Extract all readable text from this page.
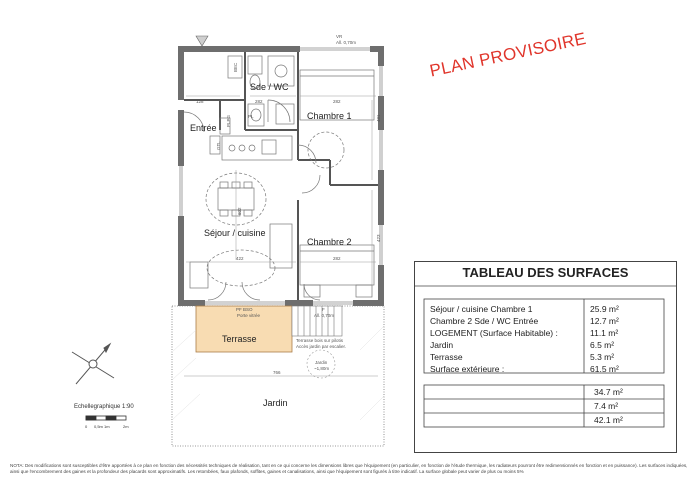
VR
All. 0,70m
BEC
PLPG
GTL
PL
128	282	282
481
602
423
422	282
766
PF BSO
Porte vitrée
F
All. 0,70m
Terrasse bois sur pilotis
Accès jardin par escalier.
Jardin
~1,80m
Sde / WC
Entrée
Chambre 1
Séjour / cuisine
Chambre 2
Terrasse
Jardin
Echellegraphique 1:90
0 0,5m 1m	2m
PLAN PROVISOIRE
TABLEAU DES SURFACES
Séjour / cuisine Chambre 1	25.9 m²
Chambre 2 Sde / WC Entrée	12.7 m²
LOGEMENT (Surface Habitable) :	11.1 m²
Jardin	6.5 m²
Terrasse	5.3 m²
Surface extérieure :	61.5 m²
34.7 m²
7.4 m²
42.1 m²
NOTA: Des modifications sont susceptibles d'être apportées à ce plan en fonction des nécessités techniques de réalisation, tant en ce qui concerne les dimensions libres que l'équipement (en particulier, en fonction de l'étude thermique, les radiateurs pourront être redimensionnés en fonction et en puissance). Les surfaces indiquées, ainsi que l'encombrement des gaines et la profondeur des placards sont approximatifs. Les retombées, faux plafonds, soffites, gaines et canalisations, ainsi que l'équipement sont figurés à titre indicatif. La surface globale peut varier de plus ou moins 5%
